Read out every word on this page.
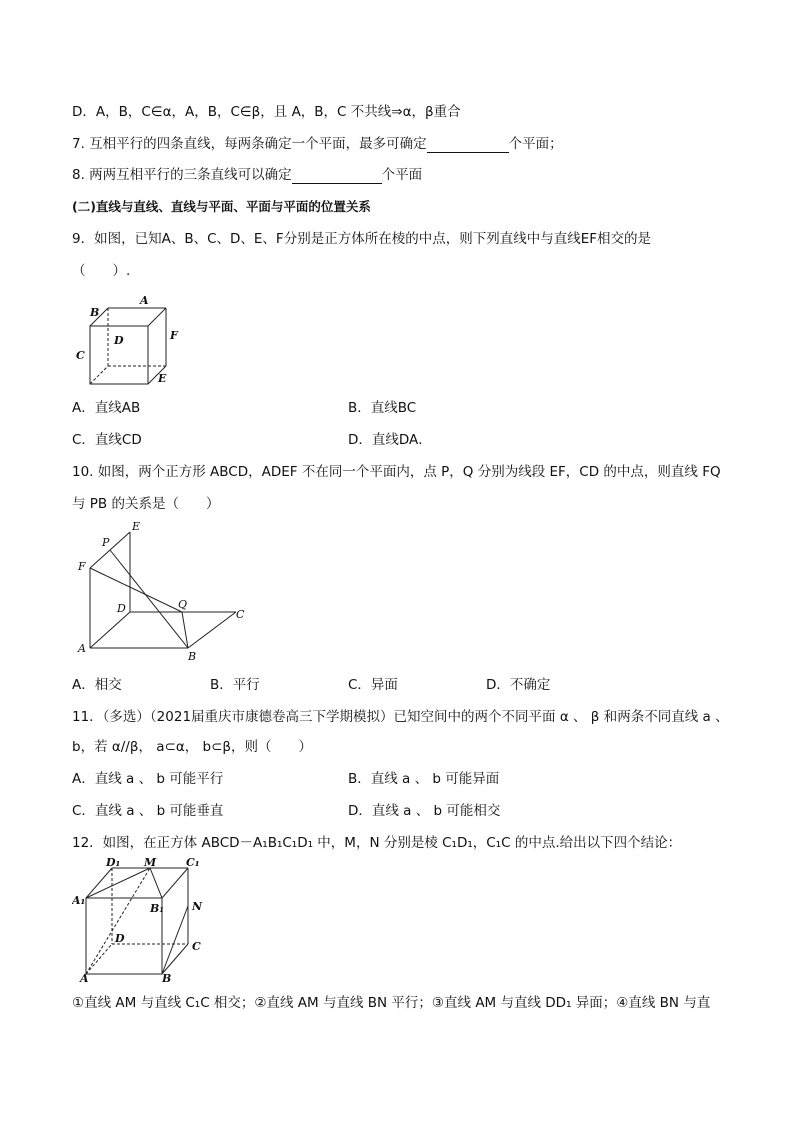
D．A，B，C∈α，A，B，C∈β，且 A，B，C 不共线⇒α，β重合
7. 互相平行的四条直线，每两条确定一个平面，最多可确定	个平面；
8. 两两互相平行的三条直线可以确定	个平面
(二)直线与直线、直线与平面、平面与平面的位置关系
9．如图，已知A、B、C、D、E、F分别是正方体所在棱的中点，则下列直线中与直线EF相交的是
（　　）.
A
B
C
D
E
F
A．直线AB	B．直线BC
C．直线CD	D．直线DA．
10. 如图，两个正方形 ABCD，ADEF 不在同一个平面内，点 P，Q 分别为线段 EF，CD 的中点，则直线 FQ
与 PB 的关系是（　　）
E
P
F
D	Q
C
A
B
A．相交	B．平行	C．异面	D．不确定
11．（多选）（2021届重庆市康德卷高三下学期模拟）已知空间中的两个不同平面 α 、 β 和两条不同直线 a 、
b，若 α//β， a⊂α， b⊂β，则（　　）
A．直线 a 、 b 可能平行	B．直线 a 、 b 可能异面
C．直线 a 、 b 可能垂直	D．直线 a 、 b 可能相交
12．如图，在正方体 ABCD－A₁B₁C₁D₁ 中，M，N 分别是棱 C₁D₁，C₁C 的中点.给出以下四个结论：
D₁ M	C₁
A₁
B₁	N
D
C
A	B
①直线 AM 与直线 C₁C 相交；②直线 AM 与直线 BN 平行；③直线 AM 与直线 DD₁ 异面；④直线 BN 与直
